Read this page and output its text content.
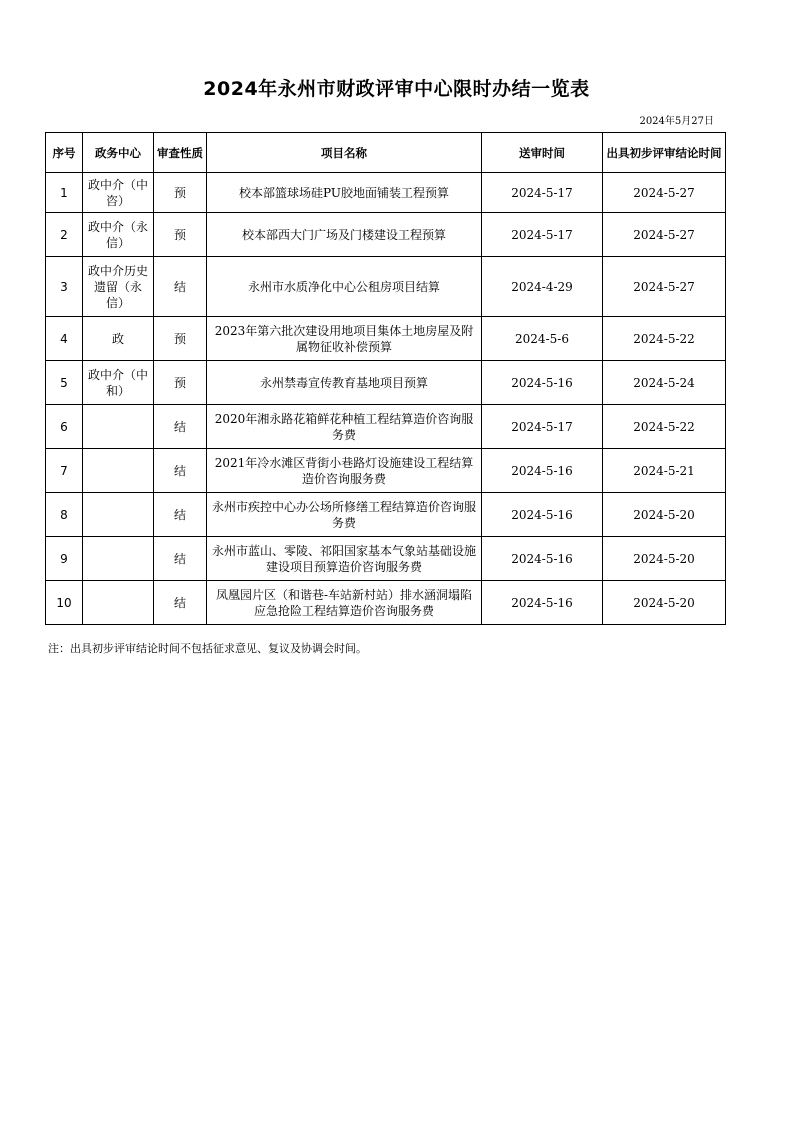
2024年永州市财政评审中心限时办结一览表
2024年5月27日
序号	政务中心	审查性质	项目名称	送审时间	出具初步评审结论时间
1	政中介（中咨）	预	校本部篮球场硅PU胶地面铺装工程预算	2024-5-17	2024-5-27
2	政中介（永信）	预	校本部西大门广场及门楼建设工程预算	2024-5-17	2024-5-27
3	政中介历史遗留（永信）	结	永州市水质净化中心公租房项目结算	2024-4-29	2024-5-27
4	政	预	2023年第六批次建设用地项目集体土地房屋及附属物征收补偿预算	2024-5-6	2024-5-22
5	政中介（中和）	预	永州禁毒宣传教育基地项目预算	2024-5-16	2024-5-24
6		结	2020年湘永路花箱鲜花种植工程结算造价咨询服务费	2024-5-17	2024-5-22
7		结	2021年冷水滩区背街小巷路灯设施建设工程结算造价咨询服务费	2024-5-16	2024-5-21
8		结	永州市疾控中心办公场所修缮工程结算造价咨询服务费	2024-5-16	2024-5-20
9		结	永州市蓝山、零陵、祁阳国家基本气象站基础设施建设项目预算造价咨询服务费	2024-5-16	2024-5-20
10		结	凤凰园片区（和谐巷-车站新村站）排水涵洞塌陷应急抢险工程结算造价咨询服务费	2024-5-16	2024-5-20
注：出具初步评审结论时间不包括征求意见、复议及协调会时间。
